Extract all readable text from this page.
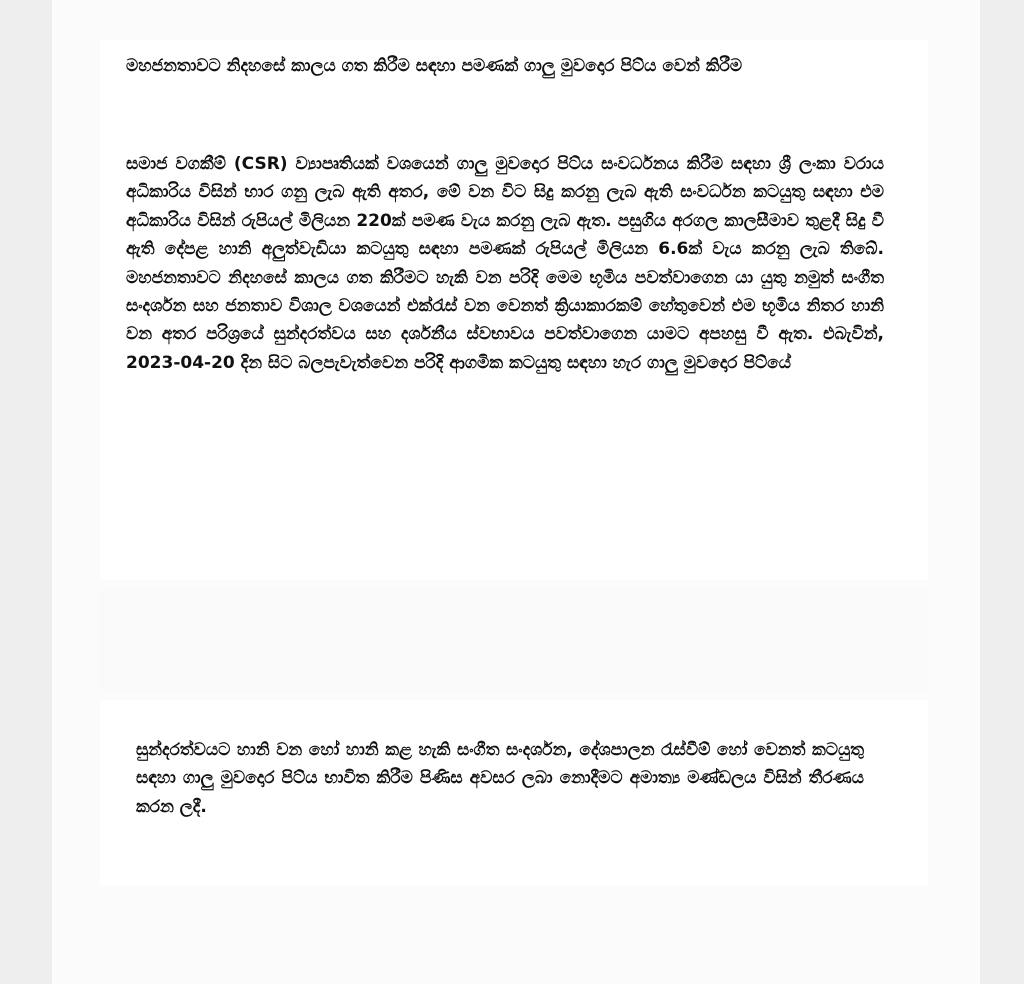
මහජනතාවට නිදහසේ කාලය ගත කිරීම සඳහා පමණක් ගාලු මුවදොර පිට්ය වෙන් කිරීම

සමාජ වගකීම් (CSR) ව්‍යාපෘතියක් වශයෙන් ගාලු මුවදොර පිට්ය සංවර්ධනය කිරීම සඳහා ශ්‍රී ලංකා වරාය අධිකාරිය විසින් භාර ගනු ලැබ ඇති අතර, මේ වන විට සිදු කරනු ලැබ ඇති සංවර්ධන කටයුතු සඳහා එම අධිකාරිය විසින් රුපියල් මිලියන 220ක් පමණ වැය කරනු ලැබ ඇත. පසුගිය අරගල කාලසීමාව තුළදී සිදු වී ඇති දේපළ හානි අලුත්වැඩියා කටයුතු සඳහා පමණක් රුපියල් මිලියන 6.6ක් වැය කරනු ලැබ තිබේ. මහජනතාවට නිදහසේ කාලය ගත කිරීමට හැකි වන පරිදි මෙම භූමිය පවත්වාගෙන යා යුතු නමුත් සංගීත සංදර්ශන සහ ජනතාව විශාල වශයෙන් එක්රැස් වන වෙනත් ක්‍රියාකාරකම් හේතුවෙන් එම භූමිය නිතර හානි වන අතර පරිශ්‍රයේ සුන්දරත්වය සහ දර්ශනීය ස්වභාවය පවත්වාගෙන යාමට අපහසු වී ඇත. එබැවින්, 2023-04-20 දින සිට බලපැවැත්වෙන පරිදි ආගමික කටයුතු සඳහා හැර ගාලු මුවදොර පිට්යේ

සුන්දරත්වයට හානි වන හෝ හානි කළ හැකි සංගීත සංදර්ශන, දේශපාලන රැස්වීම් හෝ වෙනත් කටයුතු සඳහා ගාලු මුවදොර පිට්ය භාවිත කිරීම පිණිස අවසර ලබා නොදීමට අමාත්‍ය මණ්ඩලය විසින් තීරණය කරන ලදී.
